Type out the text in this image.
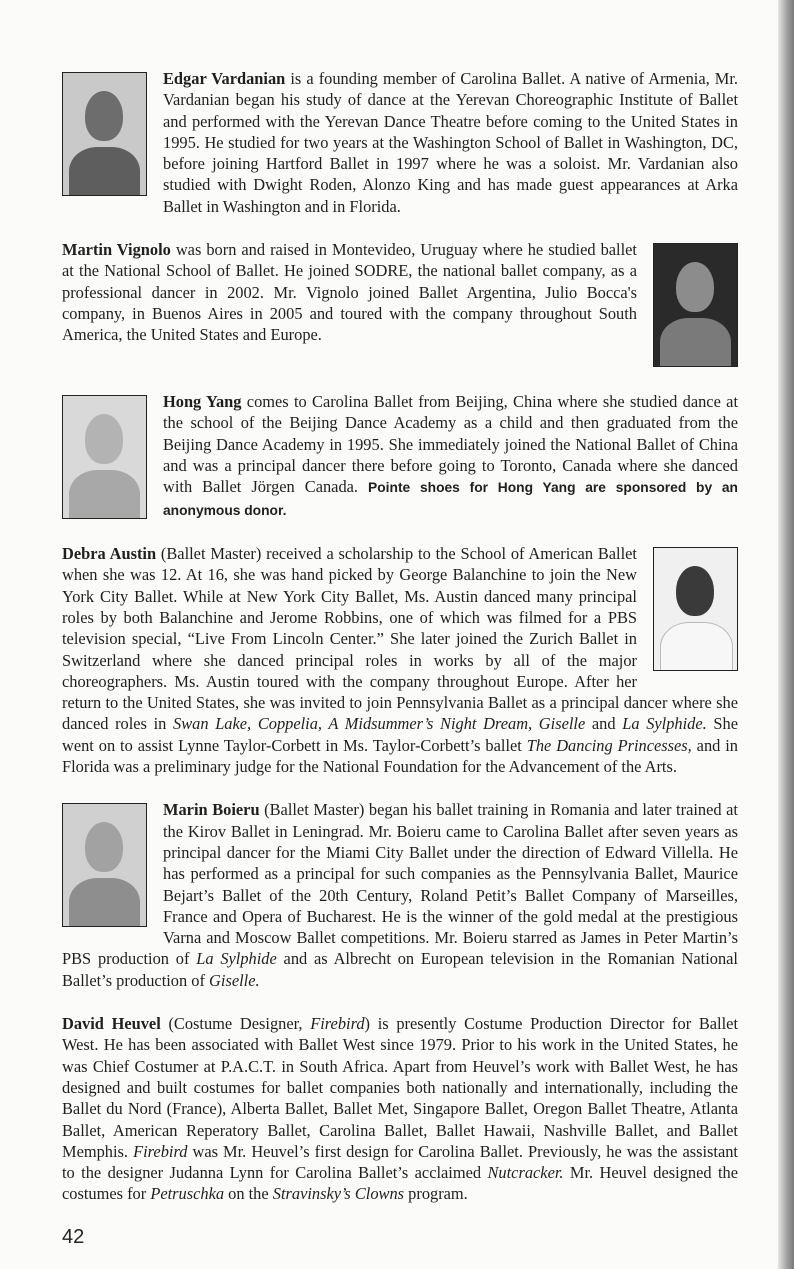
Edgar Vardanian is a founding member of Carolina Ballet. A native of Armenia, Mr. Vardanian began his study of dance at the Yerevan Choreographic Institute of Ballet and performed with the Yerevan Dance Theatre before coming to the United States in 1995. He studied for two years at the Washington School of Ballet in Washington, DC, before joining Hartford Ballet in 1997 where he was a soloist. Mr. Vardanian also studied with Dwight Roden, Alonzo King and has made guest appearances at Arka Ballet in Washington and in Florida.

Martin Vignolo was born and raised in Montevideo, Uruguay where he studied ballet at the National School of Ballet. He joined SODRE, the national ballet company, as a professional dancer in 2002. Mr. Vignolo joined Ballet Argentina, Julio Bocca's company, in Buenos Aires in 2005 and toured with the company throughout South America, the United States and Europe.

Hong Yang comes to Carolina Ballet from Beijing, China where she studied dance at the school of the Beijing Dance Academy as a child and then graduated from the Beijing Dance Academy in 1995. She immediately joined the National Ballet of China and was a principal dancer there before going to Toronto, Canada where she danced with Ballet Jörgen Canada. Pointe shoes for Hong Yang are sponsored by an anonymous donor.

Debra Austin (Ballet Master) received a scholarship to the School of American Ballet when she was 12. At 16, she was hand picked by George Balanchine to join the New York City Ballet. While at New York City Ballet, Ms. Austin danced many principal roles by both Balanchine and Jerome Robbins, one of which was filmed for a PBS television special, “Live From Lincoln Center.” She later joined the Zurich Ballet in Switzerland where she danced principal roles in works by all of the major choreographers. Ms. Austin toured with the company throughout Europe. After her return to the United States, she was invited to join Pennsylvania Ballet as a principal dancer where she danced roles in Swan Lake, Coppelia, A Midsummer’s Night Dream, Giselle and La Sylphide. She went on to assist Lynne Taylor-Corbett in Ms. Taylor-Corbett’s ballet The Dancing Princesses, and in Florida was a preliminary judge for the National Foundation for the Advancement of the Arts.

Marin Boieru (Ballet Master) began his ballet training in Romania and later trained at the Kirov Ballet in Leningrad. Mr. Boieru came to Carolina Ballet after seven years as principal dancer for the Miami City Ballet under the direction of Edward Villella. He has performed as a principal for such companies as the Pennsylvania Ballet, Maurice Bejart’s Ballet of the 20th Century, Roland Petit’s Ballet Company of Marseilles, France and Opera of Bucharest. He is the winner of the gold medal at the prestigious Varna and Moscow Ballet competitions. Mr. Boieru starred as James in Peter Martin’s PBS production of La Sylphide and as Albrecht on European television in the Romanian National Ballet’s production of Giselle.

David Heuvel (Costume Designer, Firebird) is presently Costume Production Director for Ballet West. He has been associated with Ballet West since 1979. Prior to his work in the United States, he was Chief Costumer at P.A.C.T. in South Africa. Apart from Heuvel’s work with Ballet West, he has designed and built costumes for ballet companies both nationally and internationally, including the Ballet du Nord (France), Alberta Ballet, Ballet Met, Singapore Ballet, Oregon Ballet Theatre, Atlanta Ballet, American Reperatory Ballet, Carolina Ballet, Ballet Hawaii, Nashville Ballet, and Ballet Memphis. Firebird was Mr. Heuvel’s first design for Carolina Ballet. Previously, he was the assistant to the designer Judanna Lynn for Carolina Ballet’s acclaimed Nutcracker. Mr. Heuvel designed the costumes for Petruschka on the Stravinsky’s Clowns program.

42
